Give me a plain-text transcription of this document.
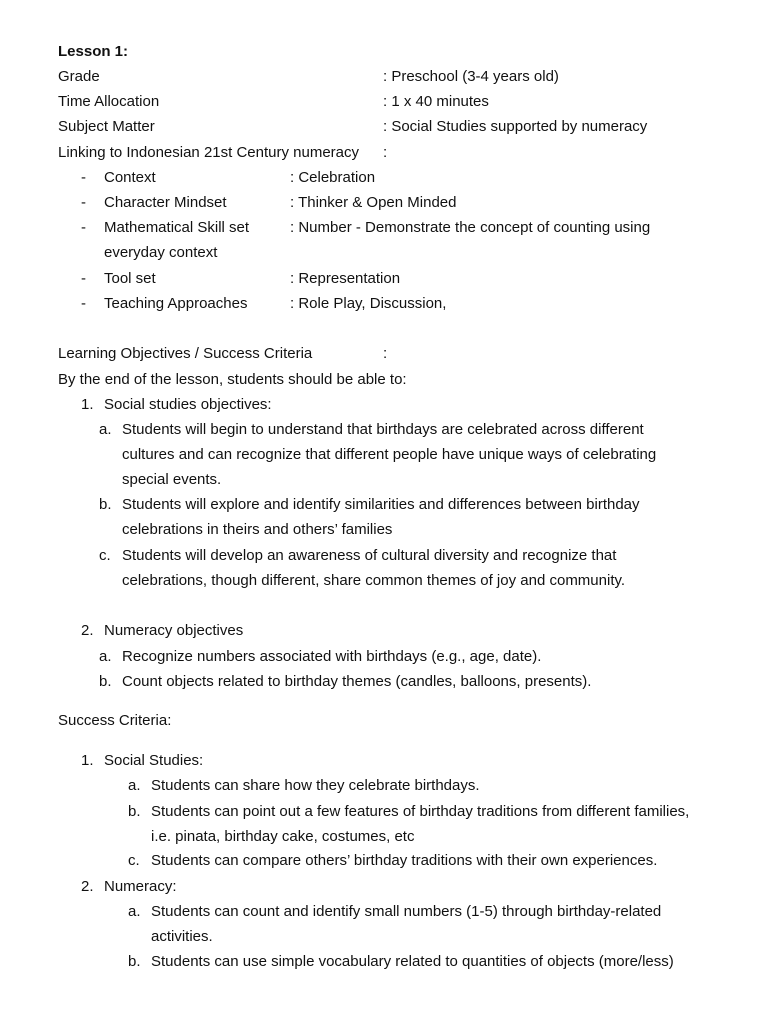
Lesson 1:
Grade	: Preschool (3-4 years old)
Time Allocation	: 1 x 40 minutes
Subject Matter	: Social Studies supported by numeracy
Linking to Indonesian 21st Century numeracy :
- Context	: Celebration
- Character Mindset	: Thinker & Open Minded
- Mathematical Skill set	: Number - Demonstrate the concept of counting using
everyday context
- Tool set	: Representation
- Teaching Approaches	: Role Play, Discussion,
Learning Objectives / Success Criteria	:
By the end of the lesson, students should be able to:
1. Social studies objectives:
a. Students will begin to understand that birthdays are celebrated across different
cultures and can recognize that different people have unique ways of celebrating
special events.
b. Students will explore and identify similarities and differences between birthday
celebrations in theirs and others’ families
c. Students will develop an awareness of cultural diversity and recognize that
celebrations, though different, share common themes of joy and community.
2. Numeracy objectives
a. Recognize numbers associated with birthdays (e.g., age, date).
b. Count objects related to birthday themes (candles, balloons, presents).
Success Criteria:
1. Social Studies:
a. Students can share how they celebrate birthdays.
b. Students can point out a few features of birthday traditions from different families,
i.e. pinata, birthday cake, costumes, etc
c. Students can compare others’ birthday traditions with their own experiences.
2. Numeracy:
a. Students can count and identify small numbers (1-5) through birthday-related
activities.
b. Students can use simple vocabulary related to quantities of objects (more/less)
